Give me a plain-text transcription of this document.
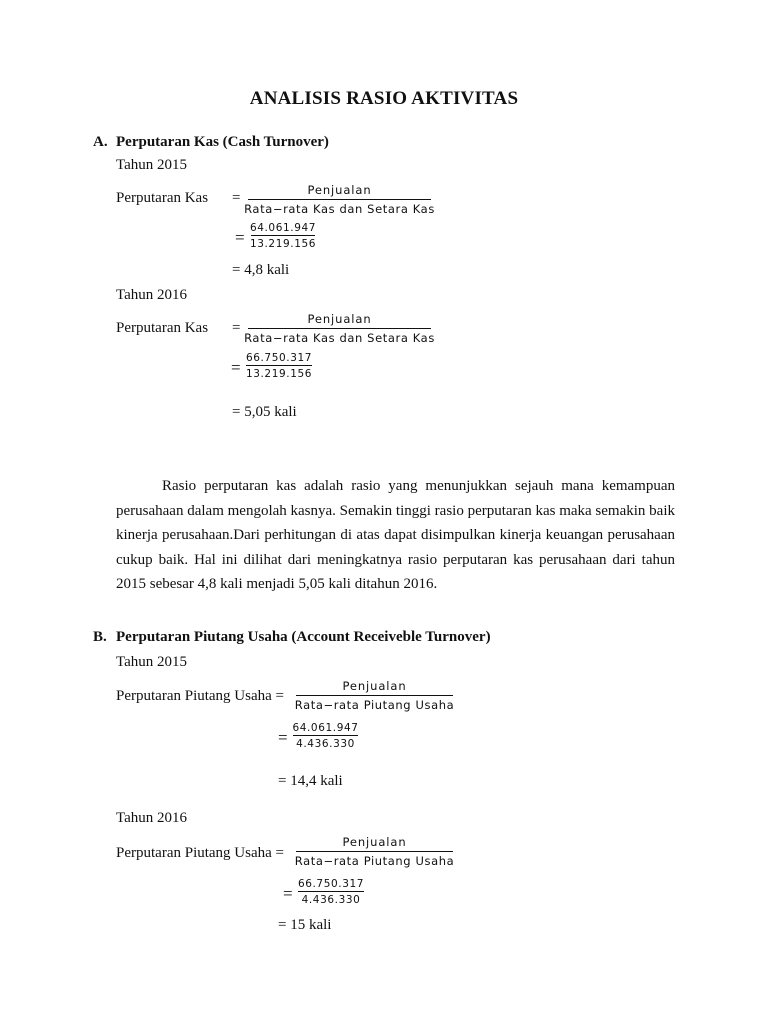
ANALISIS RASIO AKTIVITAS
A. Perputaran Kas (Cash Turnover)
Tahun 2015
Perputaran Kas =	Penjualan
Rata−rata Kas dan Setara Kas
= 64.061.947
13.219.156
= 4,8 kali
Tahun 2016
Perputaran Kas =
Penjualan
Rata−rata Kas dan Setara Kas
= 66.750.317
13.219.156
= 5,05 kali

Rasio perputaran kas adalah rasio yang menunjukkan sejauh mana kemampuan perusahaan dalam mengolah kasnya. Semakin tinggi rasio perputaran kas maka semakin baik kinerja perusahaan.Dari perhitungan di atas dapat disimpulkan kinerja keuangan perusahaan cukup baik. Hal ini dilihat dari meningkatnya rasio perputaran kas perusahaan dari tahun 2015 sebesar 4,8 kali menjadi 5,05 kali ditahun 2016.

B. Perputaran Piutang Usaha (Account Receiveble Turnover)
Tahun 2015
Perputaran Piutang Usaha =
Penjualan
Rata−rata Piutang Usaha
= 64.061.947
4.436.330
= 14,4 kali
Tahun 2016
Perputaran Piutang Usaha =
Penjualan
Rata−rata Piutang Usaha
= 66.750.317
4.436.330
= 15 kali
